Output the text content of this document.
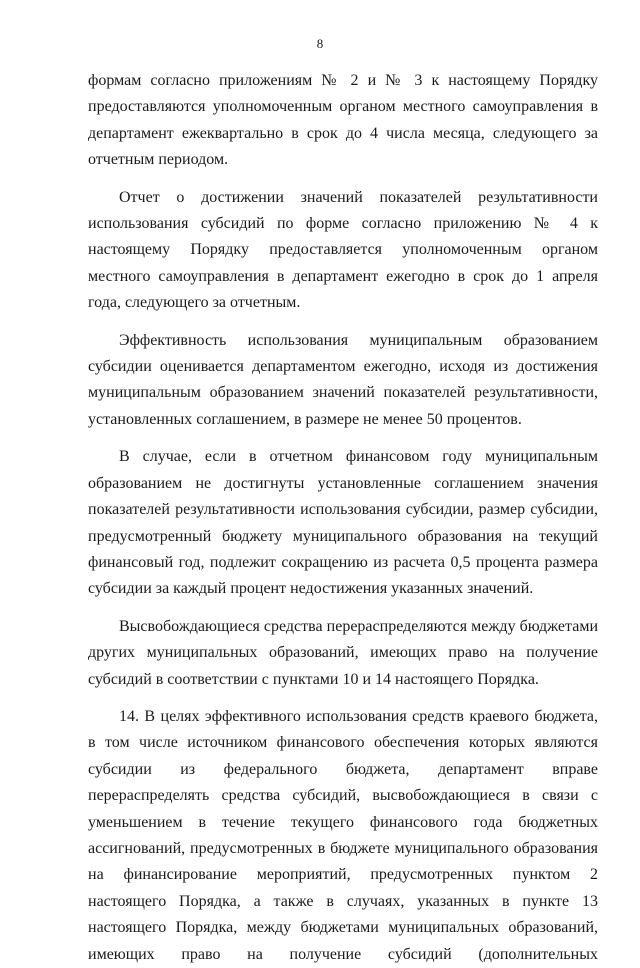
8

формам согласно приложениям № 2 и № 3 к настоящему Порядку предоставляются уполномоченным органом местного самоуправления в департамент ежеквартально в срок до 4 числа месяца, следующего за отчетным периодом.

Отчет о достижении значений показателей результативности использования субсидий по форме согласно приложению № 4 к настоящему Порядку предоставляется уполномоченным органом местного самоуправления в департамент ежегодно в срок до 1 апреля года, следующего за отчетным.

Эффективность использования муниципальным образованием субсидии оценивается департаментом ежегодно, исходя из достижения муниципальным образованием значений показателей результативности, установленных соглашением, в размере не менее 50 процентов.

В случае, если в отчетном финансовом году муниципальным образованием не достигнуты установленные соглашением значения показателей результативности использования субсидии, размер субсидии, предусмотренный бюджету муниципального образования на текущий финансовый год, подлежит сокращению из расчета 0,5 процента размера субсидии за каждый процент недостижения указанных значений.

Высвобождающиеся средства перераспределяются между бюджетами других муниципальных образований, имеющих право на получение субсидий в соответствии с пунктами 10 и 14 настоящего Порядка.

14. В целях эффективного использования средств краевого бюджета, в том числе источником финансового обеспечения которых являются субсидии из федерального бюджета, департамент вправе перераспределять средства субсидий, высвобождающиеся в связи с уменьшением в течение текущего финансового года бюджетных ассигнований, предусмотренных в бюджете муниципального образования на финансирование мероприятий, предусмотренных пунктом 2 настоящего Порядка, а также в случаях, указанных в пункте 13 настоящего Порядка, между бюджетами муниципальных образований, имеющих право на получение субсидий (дополнительных
